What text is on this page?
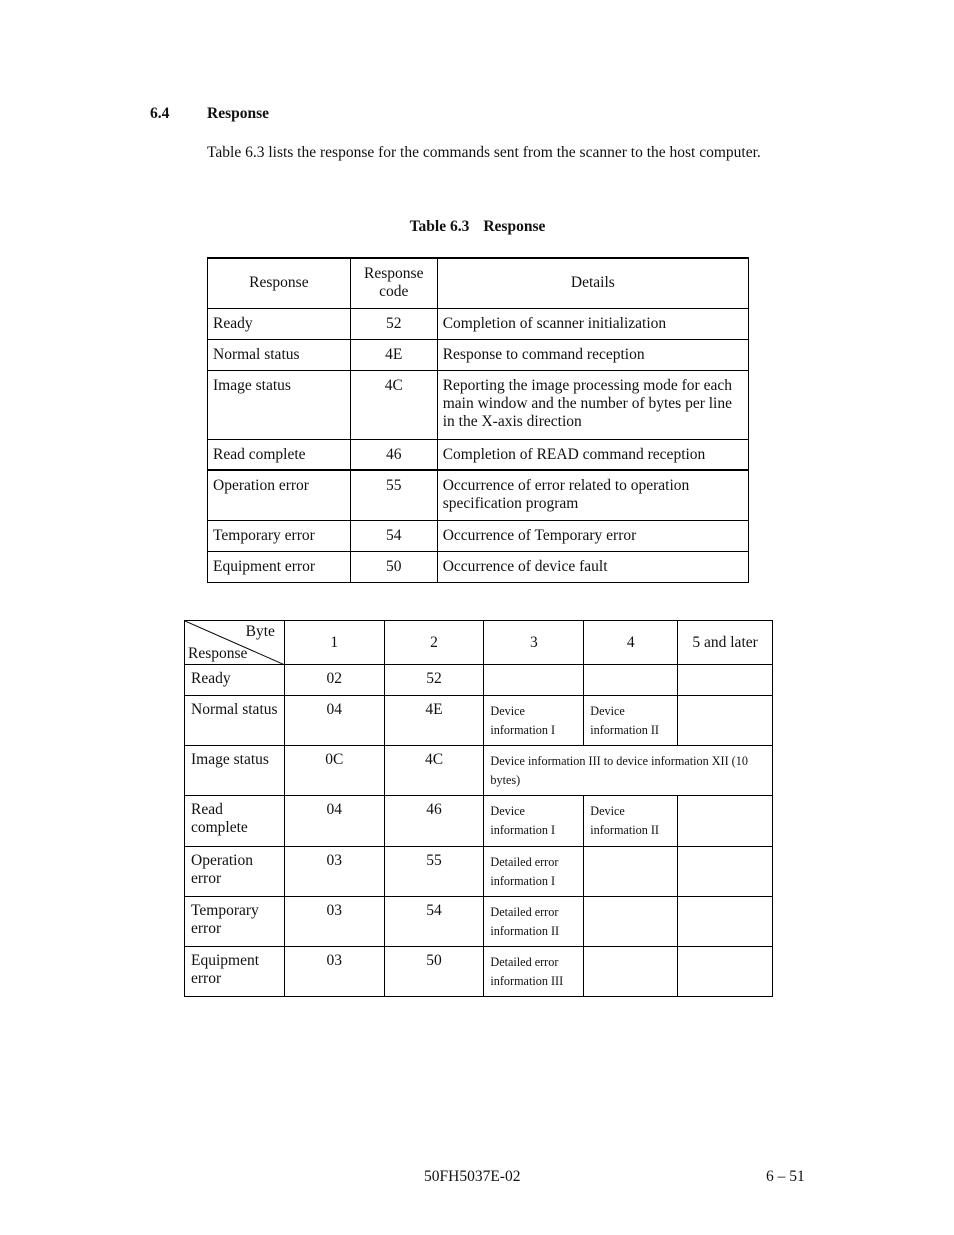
6.4 Response
Table 6.3 lists the response for the commands sent from the scanner to the host computer.
Table 6.3 Response
Response	Response code	Details
Ready	52	Completion of scanner initialization
Normal status	4E	Response to command reception
Image status	4C	Reporting the image processing mode for each main window and the number of bytes per line in the X-axis direction
Read complete	46	Completion of READ command reception
Operation error	55	Occurrence of error related to operation specification program
Temporary error	54	Occurrence of Temporary error
Equipment error	50	Occurrence of device fault
Byte
Response	1	2	3	4	5 and later
Ready	02	52			
Normal status	04	4E	Device information I	Device information II	
Image status	0C	4C	Device information III to device information XII (10 bytes)		
Read complete	04	46	Device information I	Device information II	
Operation error	03	55	Detailed error information I		
Temporary error	03	54	Detailed error information II		
Equipment error	03	50	Detailed error information III		
50FH5037E-02	6 – 51
